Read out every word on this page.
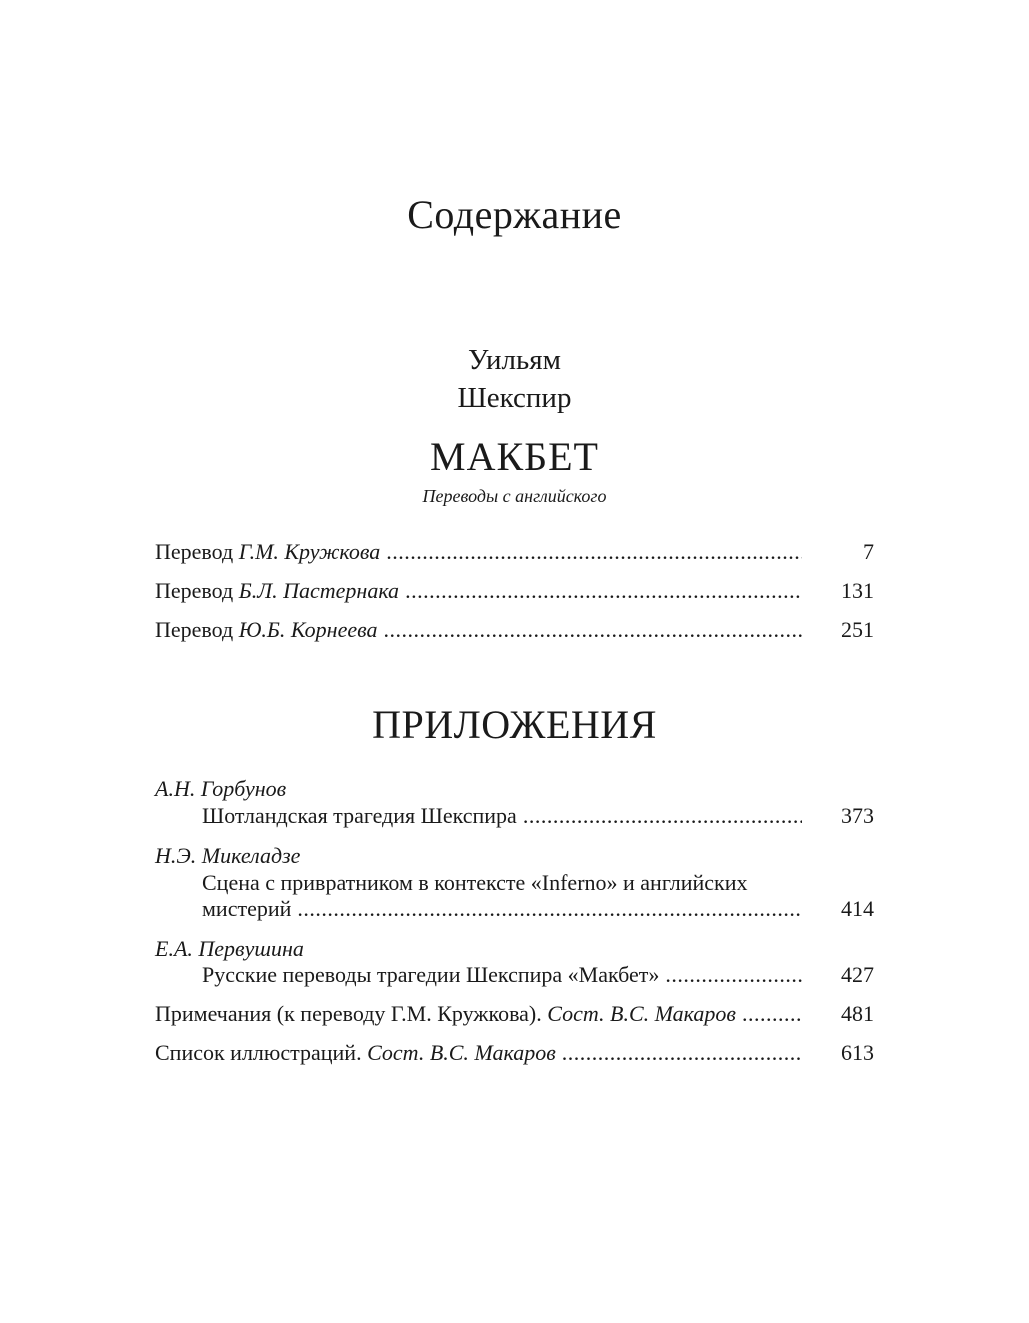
Содержание
Уильям
Шекспир
МАКБЕТ
Переводы с английского
Перевод Г.М. Кружкова .....	7
Перевод Б.Л. Пастернака .....	131
Перевод Ю.Б. Корнеева .....	251
ПРИЛОЖЕНИЯ
А.Н. Горбунов
Шотландская трагедия Шекспира .....	373
Н.Э. Микеладзе
Сцена с привратником в контексте «Inferno» и английских
мистерий .....	414
Е.А. Первушина
Русские переводы трагедии Шекспира «Макбет» .....	427
Примечания (к переводу Г.М. Кружкова). Сост. В.С. Макаров .....	481
Список иллюстраций. Сост. В.С. Макаров .....	613
